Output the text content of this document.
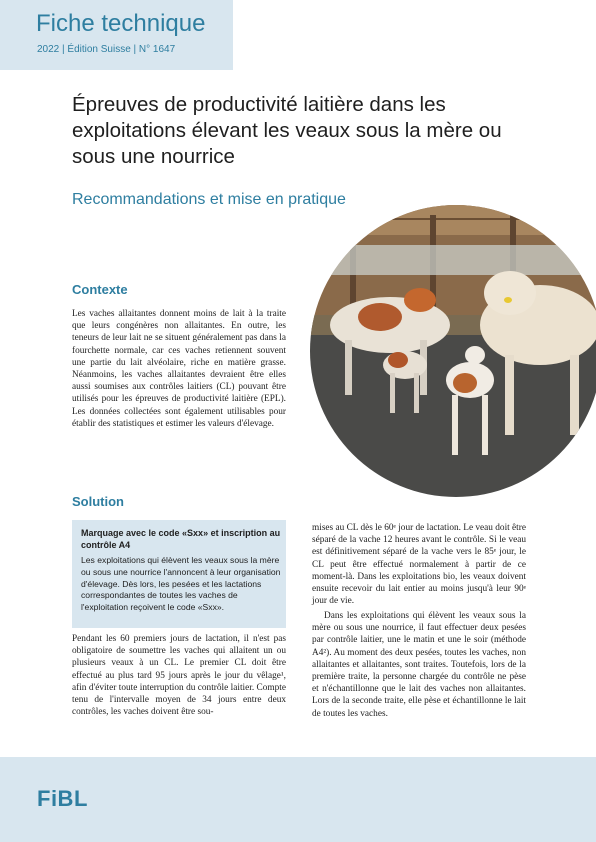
Fiche technique
2022 | Édition Suisse | N° 1647
Épreuves de productivité laitière dans les exploitations élevant les veaux sous la mère ou sous une nourrice
Recommandations et mise en pratique
Contexte
Les vaches allaitantes donnent moins de lait à la traite que leurs congénères non allaitantes. En outre, les teneurs de leur lait ne se situent généralement pas dans la fourchette normale, car ces vaches retiennent souvent une partie du lait alvéolaire, riche en matière grasse. Néanmoins, les vaches allaitantes devraient être elles aussi soumises aux contrôles laitiers (CL) pouvant être utilisés pour les épreuves de productivité laitière (EPL). Les données collectées sont également utilisables pour établir des statistiques et estimer les valeurs d'élevage.
Solution
Marquage avec le code «Sxx» et inscription au contrôle A4
Les exploitations qui élèvent les veaux sous la mère ou sous une nourrice l'annoncent à leur organisation d'élevage. Dès lors, les pesées et les lactations correspondantes de toutes les vaches de l'exploitation reçoivent le code «Sxx».
Pendant les 60 premiers jours de lactation, il n'est pas obligatoire de soumettre les vaches qui allaitent un ou plusieurs veaux à un CL. Le premier CL doit être effectué au plus tard 95 jours après le jour du vêlage¹, afin d'éviter toute interruption du contrôle laitier. Compte tenu de l'intervalle moyen de 34 jours entre deux contrôles, les vaches doivent être sou-
mises au CL dès le 60ᵉ jour de lactation. Le veau doit être séparé de la vache 12 heures avant le contrôle. Si le veau est définitivement séparé de la vache vers le 85ᵉ jour, le CL peut être effectué normalement à partir de ce moment-là. Dans les exploitations bio, les veaux doivent ensuite recevoir du lait entier au moins jusqu'à leur 90ᵉ jour de vie.
Dans les exploitations qui élèvent les veaux sous la mère ou sous une nourrice, il faut effectuer deux pesées par contrôle laitier, une le matin et une le soir (méthode A4²). Au moment des deux pesées, toutes les vaches, non allaitantes et allaitantes, sont traites. Toutefois, lors de la première traite, la personne chargée du contrôle ne pèse et n'échantillonne que le lait des vaches non allaitantes. Lors de la seconde traite, elle pèse et échantillonne le lait de toutes les vaches.
FiBL
